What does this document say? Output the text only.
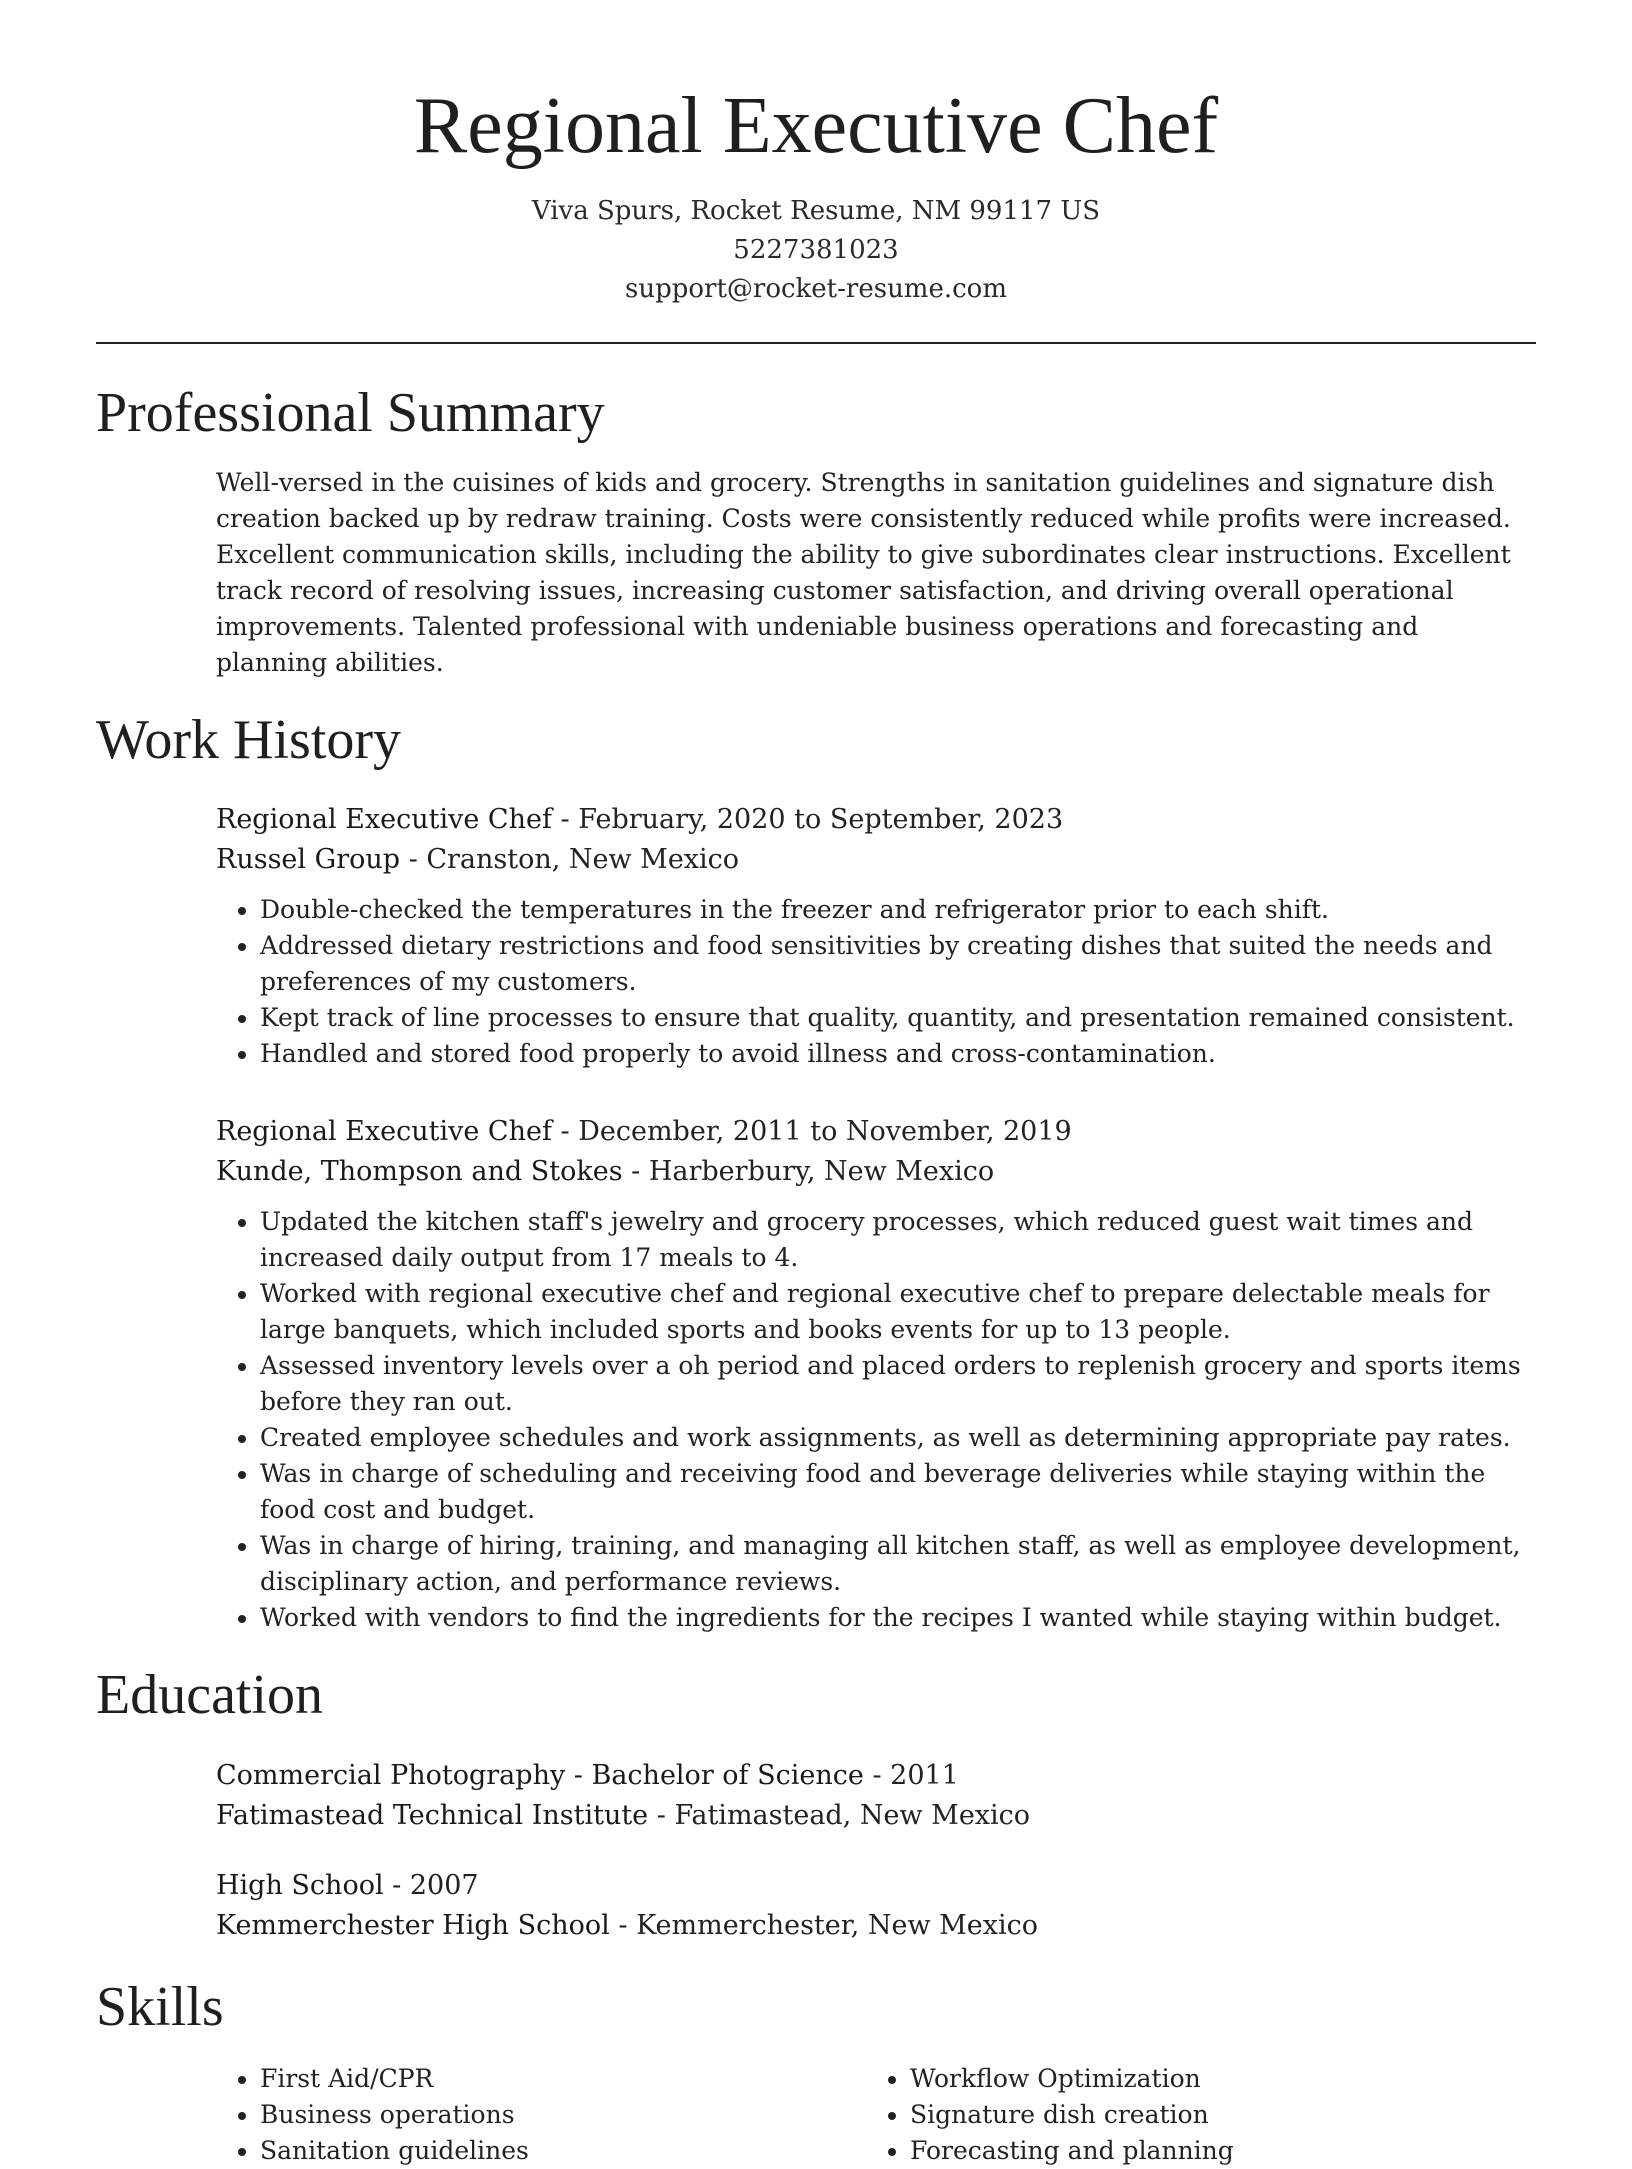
Regional Executive Chef
Viva Spurs, Rocket Resume, NM 99117 US
5227381023
support@rocket-resume.com
Professional Summary
Well-versed in the cuisines of kids and grocery. Strengths in sanitation guidelines and signature dish creation backed up by redraw training. Costs were consistently reduced while profits were increased. Excellent communication skills, including the ability to give subordinates clear instructions. Excellent track record of resolving issues, increasing customer satisfaction, and driving overall operational improvements. Talented professional with undeniable business operations and forecasting and planning abilities.
Work History
Regional Executive Chef - February, 2020 to September, 2023
Russel Group - Cranston, New Mexico
• Double-checked the temperatures in the freezer and refrigerator prior to each shift.
• Addressed dietary restrictions and food sensitivities by creating dishes that suited the needs and preferences of my customers.
• Kept track of line processes to ensure that quality, quantity, and presentation remained consistent.
• Handled and stored food properly to avoid illness and cross-contamination.
Regional Executive Chef - December, 2011 to November, 2019
Kunde, Thompson and Stokes - Harberbury, New Mexico
• Updated the kitchen staff's jewelry and grocery processes, which reduced guest wait times and increased daily output from 17 meals to 4.
• Worked with regional executive chef and regional executive chef to prepare delectable meals for large banquets, which included sports and books events for up to 13 people.
• Assessed inventory levels over a oh period and placed orders to replenish grocery and sports items before they ran out.
• Created employee schedules and work assignments, as well as determining appropriate pay rates.
• Was in charge of scheduling and receiving food and beverage deliveries while staying within the food cost and budget.
• Was in charge of hiring, training, and managing all kitchen staff, as well as employee development, disciplinary action, and performance reviews.
• Worked with vendors to find the ingredients for the recipes I wanted while staying within budget.
Education
Commercial Photography - Bachelor of Science - 2011
Fatimastead Technical Institute - Fatimastead, New Mexico
High School - 2007
Kemmerchester High School - Kemmerchester, New Mexico
Skills
• First Aid/CPR
• Business operations
• Sanitation guidelines
• Workflow Optimization
• Signature dish creation
• Forecasting and planning
